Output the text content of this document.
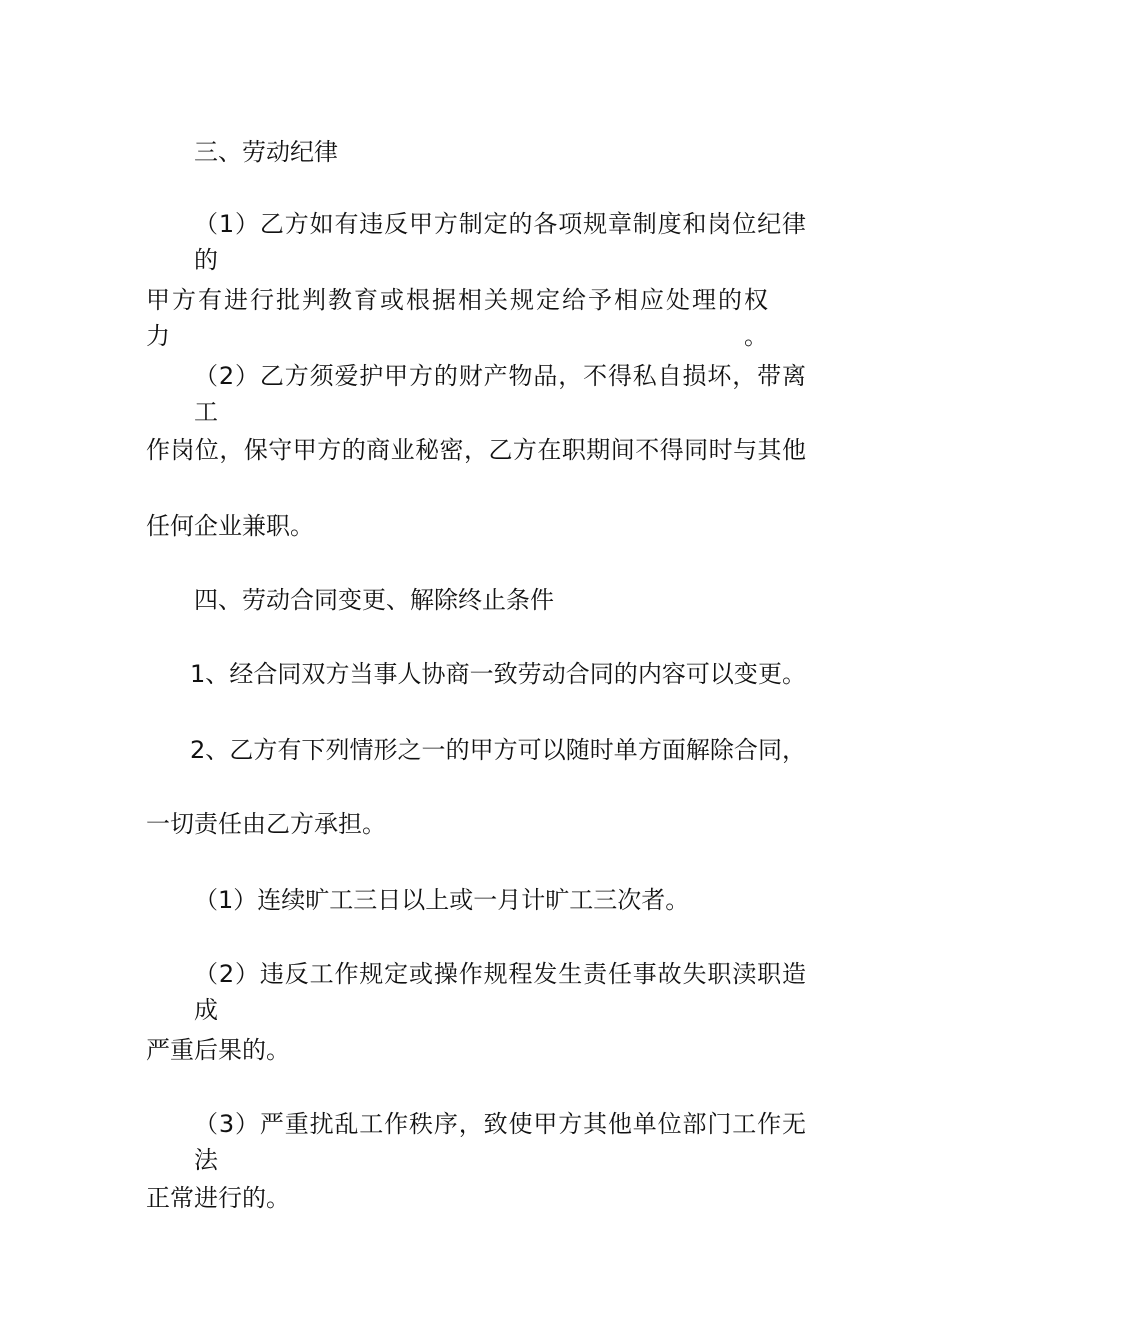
三、劳动纪律
（1）乙方如有违反甲方制定的各项规章制度和岗位纪律的
甲方有进行批判教育或根据相关规定给予相应处理的权力。
（2）乙方须爱护甲方的财产物品，不得私自损坏，带离工
作岗位，保守甲方的商业秘密，乙方在职期间不得同时与其他
任何企业兼职。
四、劳动合同变更、解除终止条件
1、经合同双方当事人协商一致劳动合同的内容可以变更。
2、乙方有下列情形之一的甲方可以随时单方面解除合同，
一切责任由乙方承担。
（1）连续旷工三日以上或一月计旷工三次者。
（2）违反工作规定或操作规程发生责任事故失职渎职造成
严重后果的。
（3）严重扰乱工作秩序，致使甲方其他单位部门工作无法
正常进行的。
